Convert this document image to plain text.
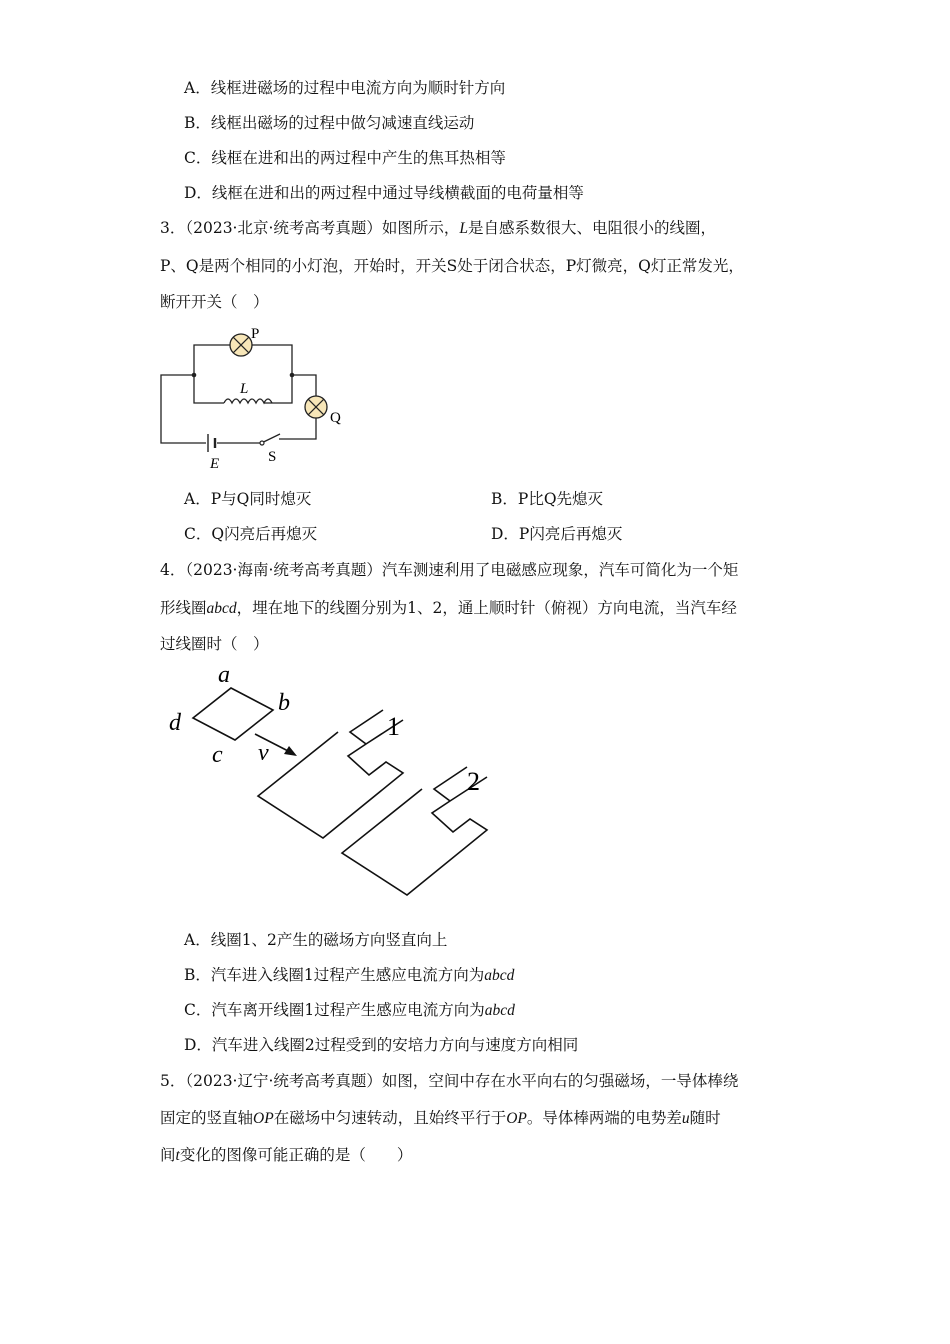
A．线框进磁场的过程中电流方向为顺时针方向
B．线框出磁场的过程中做匀减速直线运动
C．线框在进和出的两过程中产生的焦耳热相等
D．线框在进和出的两过程中通过导线横截面的电荷量相等
3．（2023·北京·统考高考真题）如图所示，L是自感系数很大、电阻很小的线圈，
P、Q是两个相同的小灯泡，开始时，开关S处于闭合状态，P灯微亮，Q灯正常发光，
断开开关（　）
P
Q
L
E	S
A．P与Q同时熄灭	B．P比Q先熄灭
C．Q闪亮后再熄灭	D．P闪亮后再熄灭
4．（2023·海南·统考高考真题）汽车测速利用了电磁感应现象，汽车可简化为一个矩
形线圈abcd，埋在地下的线圈分别为1、2，通上顺时针（俯视）方向电流，当汽车经
过线圈时（　）
a
b
c
d
v
1
2
A．线圈1、2产生的磁场方向竖直向上
B．汽车进入线圈1过程产生感应电流方向为abcd
C．汽车离开线圈1过程产生感应电流方向为abcd
D．汽车进入线圈2过程受到的安培力方向与速度方向相同
5．（2023·辽宁·统考高考真题）如图，空间中存在水平向右的匀强磁场，一导体棒绕
固定的竖直轴OP在磁场中匀速转动，且始终平行于OP。导体棒两端的电势差u随时
间t变化的图像可能正确的是（　　）
